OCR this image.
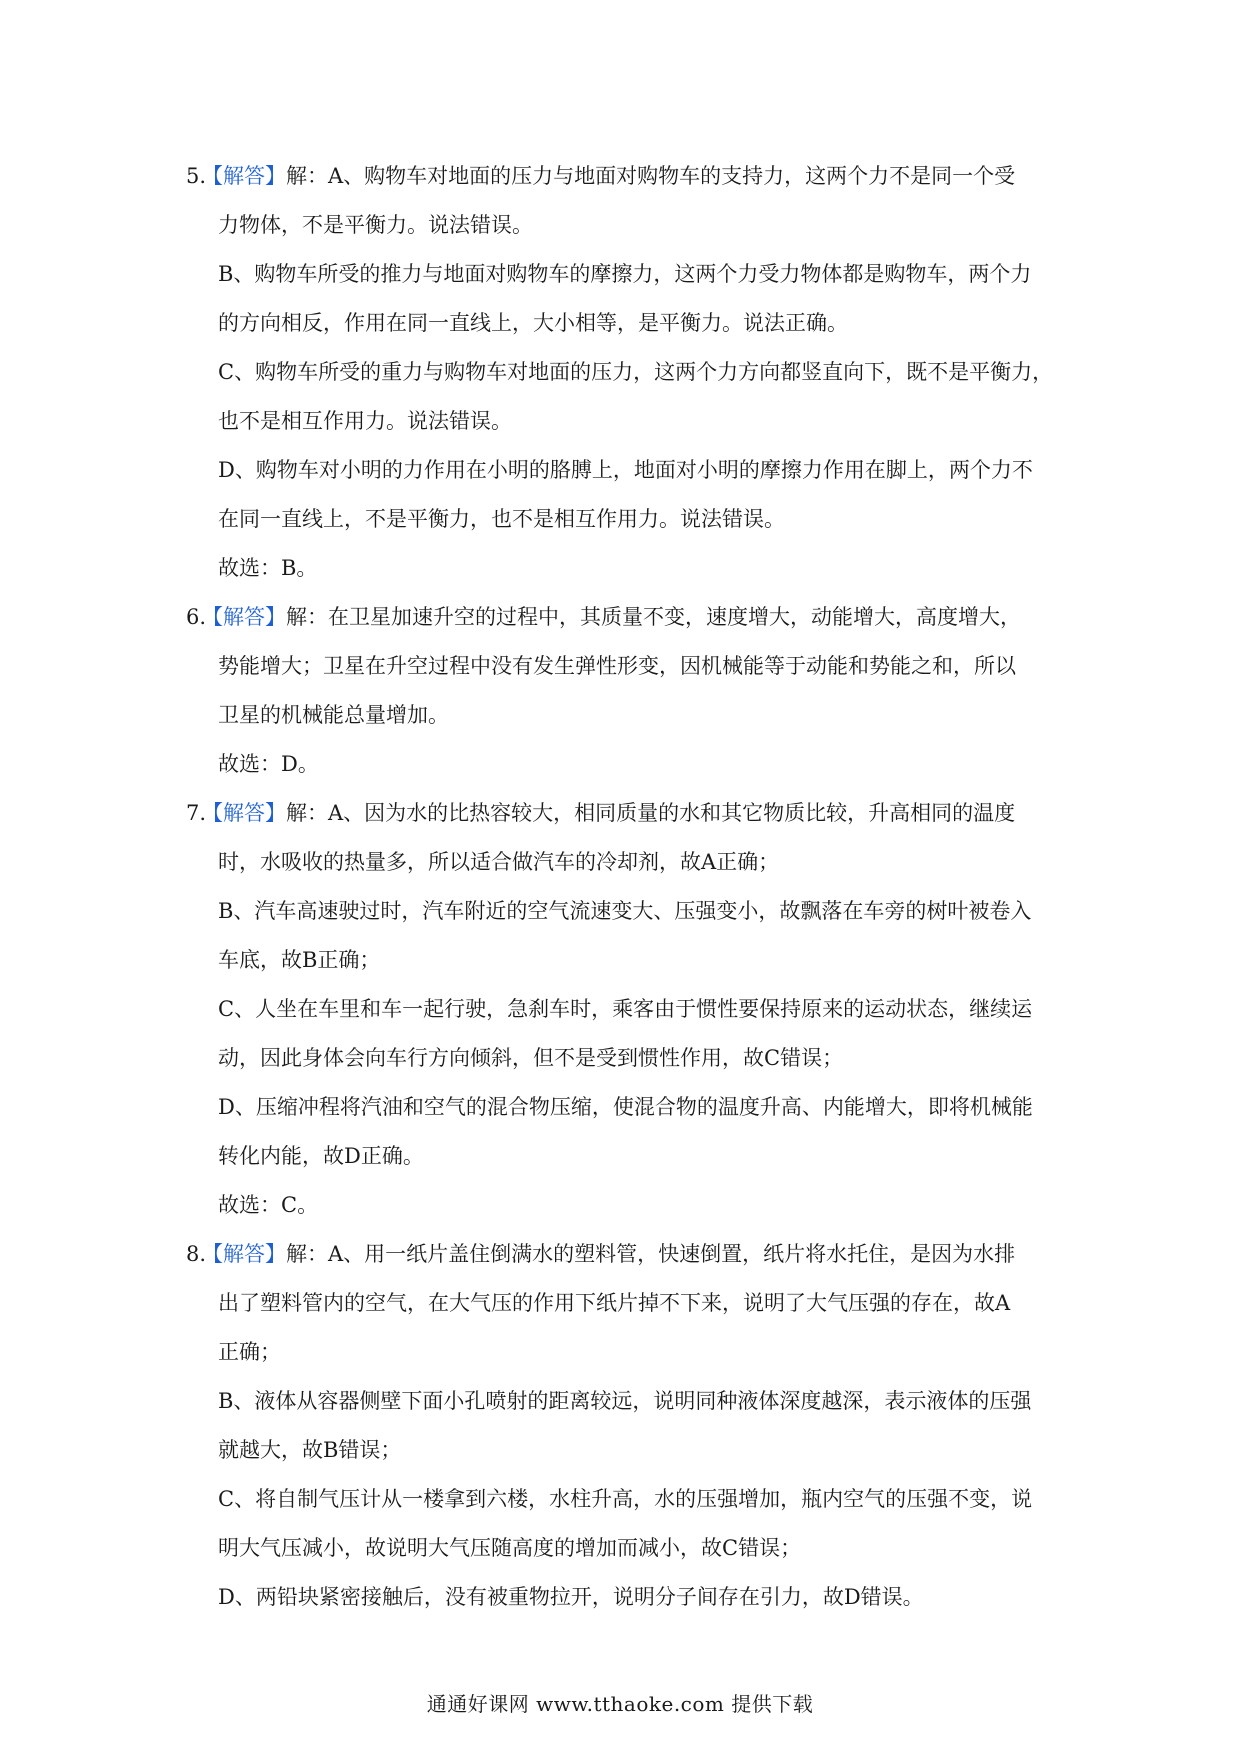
5.【解答】解：A、购物车对地面的压力与地面对购物车的支持力，这两个力不是同一个受
力物体，不是平衡力。说法错误。
B、购物车所受的推力与地面对购物车的摩擦力，这两个力受力物体都是购物车，两个力
的方向相反，作用在同一直线上，大小相等，是平衡力。说法正确。
C、购物车所受的重力与购物车对地面的压力，这两个力方向都竖直向下，既不是平衡力，
也不是相互作用力。说法错误。
D、购物车对小明的力作用在小明的胳膊上，地面对小明的摩擦力作用在脚上，两个力不
在同一直线上，不是平衡力，也不是相互作用力。说法错误。
故选：B。
6.【解答】解：在卫星加速升空的过程中，其质量不变，速度增大，动能增大，高度增大，
势能增大；卫星在升空过程中没有发生弹性形变，因机械能等于动能和势能之和，所以
卫星的机械能总量增加。
故选：D。
7.【解答】解：A、因为水的比热容较大，相同质量的水和其它物质比较，升高相同的温度
时，水吸收的热量多，所以适合做汽车的冷却剂，故A正确；
B、汽车高速驶过时，汽车附近的空气流速变大、压强变小，故飘落在车旁的树叶被卷入
车底，故B正确；
C、人坐在车里和车一起行驶，急刹车时，乘客由于惯性要保持原来的运动状态，继续运
动，因此身体会向车行方向倾斜，但不是受到惯性作用，故C错误；
D、压缩冲程将汽油和空气的混合物压缩，使混合物的温度升高、内能增大，即将机械能
转化内能，故D正确。
故选：C。
8.【解答】解：A、用一纸片盖住倒满水的塑料管，快速倒置，纸片将水托住，是因为水排
出了塑料管内的空气，在大气压的作用下纸片掉不下来，说明了大气压强的存在，故A
正确；
B、液体从容器侧壁下面小孔喷射的距离较远，说明同种液体深度越深，表示液体的压强
就越大，故B错误；
C、将自制气压计从一楼拿到六楼，水柱升高，水的压强增加，瓶内空气的压强不变，说
明大气压减小，故说明大气压随高度的增加而减小，故C错误；
D、两铅块紧密接触后，没有被重物拉开，说明分子间存在引力，故D错误。
通通好课网 www.tthaoke.com 提供下载
